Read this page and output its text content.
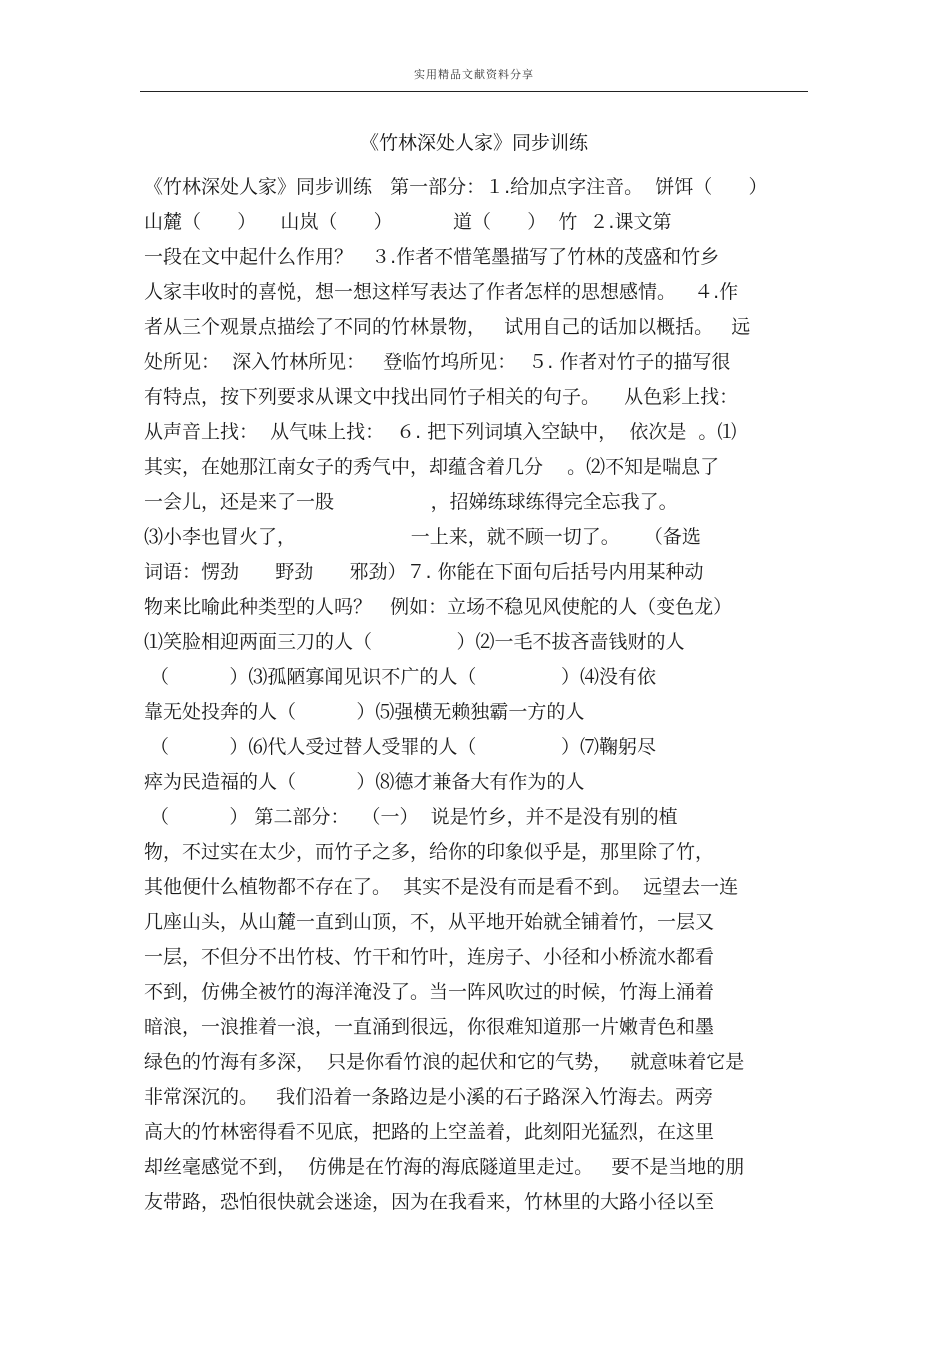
实用精品文献资料分享
《竹林深处人家》同步训练
《竹林深处人家》同步训练   第一部分：１.给加点字注音。  饼饵（      ）
山麓（      ）    山岚（      ）          道（      ）  竹  ２.课文第
一段在文中起什么作用？   ３.作者不惜笔墨描写了竹林的茂盛和竹乡
人家丰收时的喜悦，想一想这样写表达了作者怎样的思想感情。   ４.作
者从三个观景点描绘了不同的竹林景物，   试用自己的话加以概括。   远
处所见：  深入竹林所见：   登临竹坞所见：  ５. 作者对竹子的描写很
有特点，按下列要求从课文中找出同竹子相关的句子。    从色彩上找：
从声音上找：  从气味上找：  ６. 把下列词填入空缺中，  依次是  。⑴
其实，在她那江南女子的秀气中，却蕴含着几分    。⑵不知是喘息了
一会儿，还是来了一股                ，招娣练球练得完全忘我了。
⑶小李也冒火了，                   一上来，就不顾一切了。    （备选
词语：愣劲      野劲      邪劲）７. 你能在下面句后括号内用某种动
物来比喻此种类型的人吗？   例如：立场不稳见风使舵的人（变色龙）
⑴笑脸相迎两面三刀的人（              ）⑵一毛不拔吝啬钱财的人
（          ）⑶孤陋寡闻见识不广的人（              ）⑷没有依
靠无处投奔的人（          ）⑸强横无赖独霸一方的人
（          ）⑹代人受过替人受罪的人（              ）⑺鞠躬尽
瘁为民造福的人（          ）⑻德才兼备大有作为的人
（          ） 第二部分：  （一）  说是竹乡，并不是没有别的植
物，不过实在太少，而竹子之多，给你的印象似乎是，那里除了竹，
其他便什么植物都不存在了。  其实不是没有而是看不到。  远望去一连
几座山头，从山麓一直到山顶，不，从平地开始就全铺着竹，一层又
一层，不但分不出竹枝、竹干和竹叶，连房子、小径和小桥流水都看
不到，仿佛全被竹的海洋淹没了。当一阵风吹过的时候，竹海上涌着
暗浪，一浪推着一浪，一直涌到很远，你很难知道那一片嫩青色和墨
绿色的竹海有多深，  只是你看竹浪的起伏和它的气势，   就意味着它是
非常深沉的。   我们沿着一条路边是小溪的石子路深入竹海去。两旁
高大的竹林密得看不见底，把路的上空盖着，此刻阳光猛烈，在这里
却丝毫感觉不到，  仿佛是在竹海的海底隧道里走过。   要不是当地的朋
友带路，恐怕很快就会迷途，因为在我看来，竹林里的大路小径以至
